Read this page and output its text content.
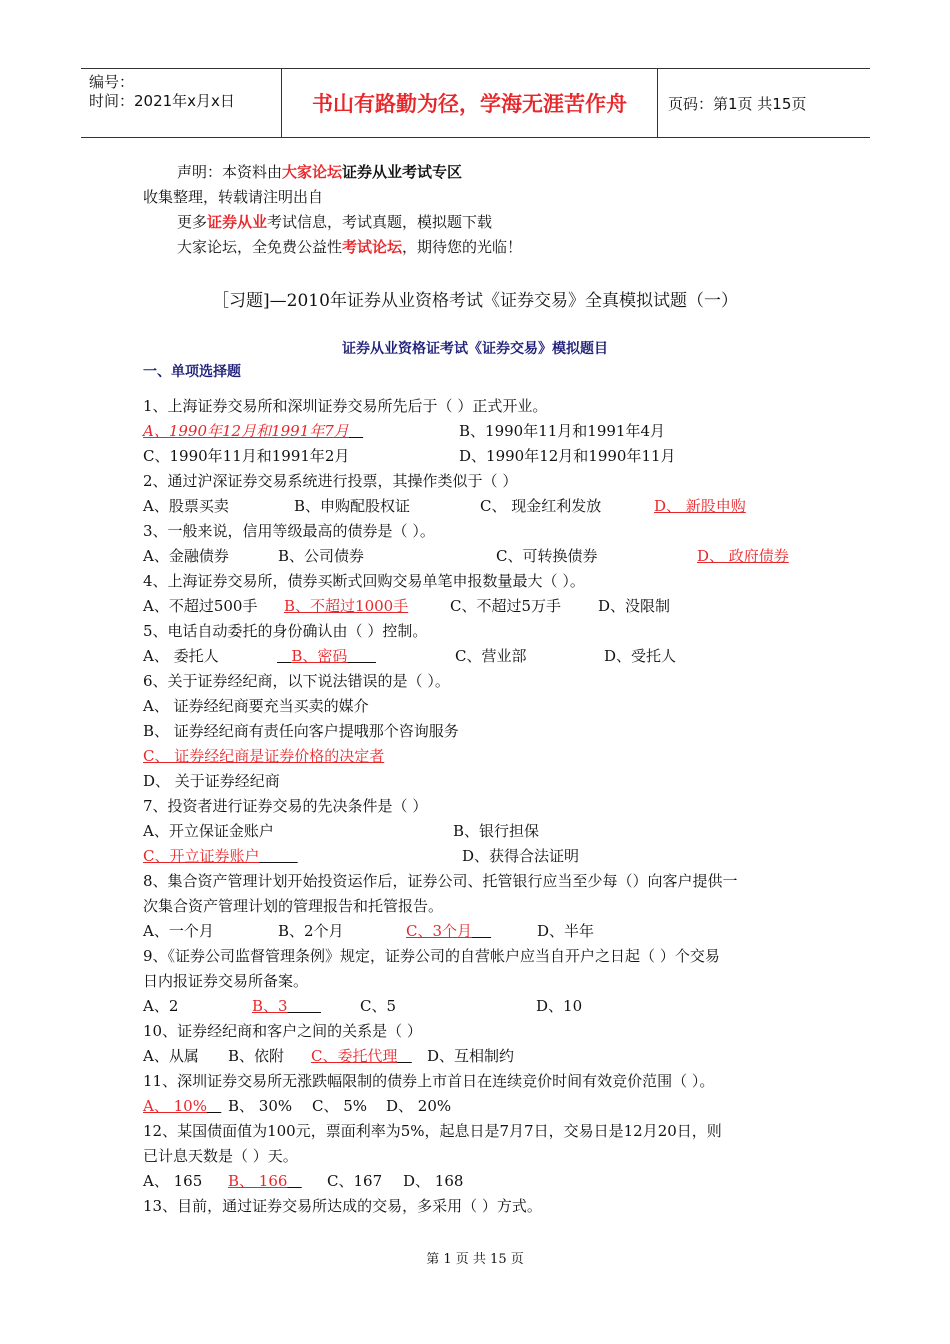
编号：
时间：2021年x月x日	书山有路勤为径，学海无涯苦作舟	页码：第1页 共15页
声明：本资料由大家论坛证券从业考试专区
收集整理，转载请注明出自
更多证券从业考试信息，考试真题，模拟题下载
大家论坛，全免费公益性考试论坛，期待您的光临！
［习题]—2010年证券从业资格考试《证券交易》全真模拟试题（一）
证券从业资格证考试《证券交易》模拟题目
一、单项选择题
1、上海证券交易所和深圳证券交易所先后于（ ）正式开业。
A、1990年12月和1991年7月	B、1990年11月和1991年4月
C、1990年11月和1991年2月	D、1990年12月和1990年11月
2、通过沪深证券交易系统进行投票，其操作类似于（ ）
A、股票买卖	B、申购配股权证	C、 现金红利发放	D、 新股申购
3、一般来说，信用等级最高的债券是（ ）。
A、金融债券	B、公司债券	C、可转换债券	D、 政府债券
4、上海证券交易所，债券买断式回购交易单笔申报数量最大（ ）。
A、不超过500手 B、不超过1000手	C、不超过5万手 D、没限制
5、电话自动委托的身份确认由（ ）控制。
A、 委托人	B、密码	C、营业部	D、受托人
6、关于证券经纪商，以下说法错误的是（ ）。
A、 证券经纪商要充当买卖的媒介
B、 证券经纪商有责任向客户提哦那个咨询服务
C、 证券经纪商是证券价格的决定者
D、 关于证券经纪商
7、投资者进行证券交易的先决条件是（ ）
A、开立保证金账户	B、银行担保
C、开立证券账户	D、获得合法证明
8、集合资产管理计划开始投资运作后，证券公司、托管银行应当至少每（）向客户提供一
次集合资产管理计划的管理报告和托管报告。
A、一个月	B、2个月	C、3个月	D、半年
9、《证券公司监督管理条例》规定，证券公司的自营帐户应当自开户之日起（ ）个交易
日内报证券交易所备案。
A、2	B、3	C、5	D、10
10、证券经纪商和客户之间的关系是（ ）
A、从属 B、依附 C、委托代理	D、互相制约
11、深圳证券交易所无涨跌幅限制的债券上市首日在连续竞价时间有效竞价范围（ ）。
A、 10%	B、 30% C、 5% D、 20%
12、某国债面值为100元，票面利率为5%，起息日是7月7日，交易日是12月20日，则
已计息天数是（ ）天。
A、 165 B、 166	C、167 D、 168
13、目前，通过证券交易所达成的交易，多采用（ ）方式。
第 1 页 共 15 页
